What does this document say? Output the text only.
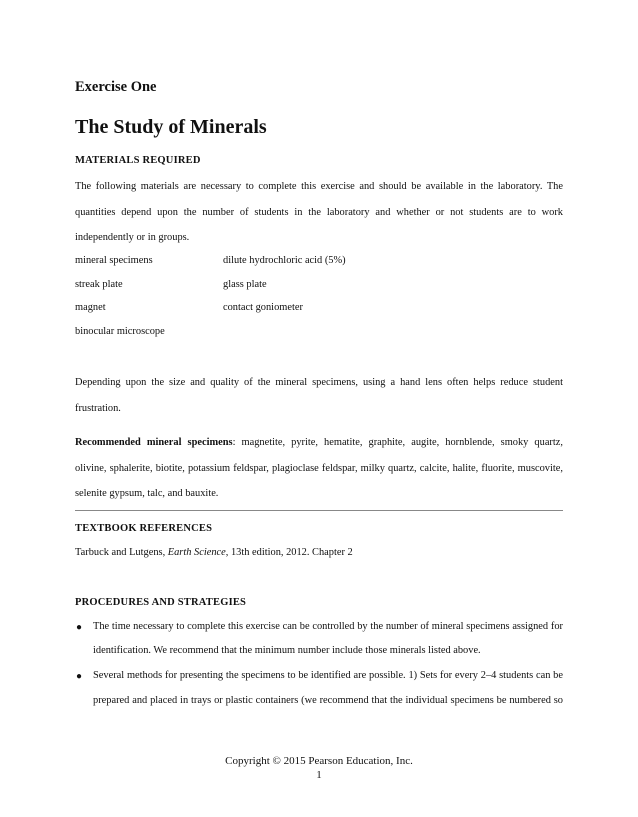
Exercise One
The Study of Minerals
MATERIALS REQUIRED
The following materials are necessary to complete this exercise and should be available in the laboratory. The
quantities depend upon the number of students in the laboratory and whether or not students are to work
independently or in groups.
mineral specimens	dilute hydrochloric acid (5%)
streak plate	glass plate
magnet	contact goniometer
binocular microscope
Depending upon the size and quality of the mineral specimens, using a hand lens often helps reduce student
frustration.
Recommended mineral specimens: magnetite, pyrite, hematite, graphite, augite, hornblende, smoky quartz,
olivine, sphalerite, biotite, potassium feldspar, plagioclase feldspar, milky quartz, calcite, halite, fluorite, muscovite,
selenite gypsum, talc, and bauxite.
TEXTBOOK REFERENCES
Tarbuck and Lutgens, Earth Science, 13th edition, 2012. Chapter 2
PROCEDURES AND STRATEGIES
● The time necessary to complete this exercise can be controlled by the number of mineral specimens assigned for
identification. We recommend that the minimum number include those minerals listed above.
● Several methods for presenting the specimens to be identified are possible. 1) Sets for every 2–4 students can be
prepared and placed in trays or plastic containers (we recommend that the individual specimens be numbered so
Copyright © 2015 Pearson Education, Inc.
1
